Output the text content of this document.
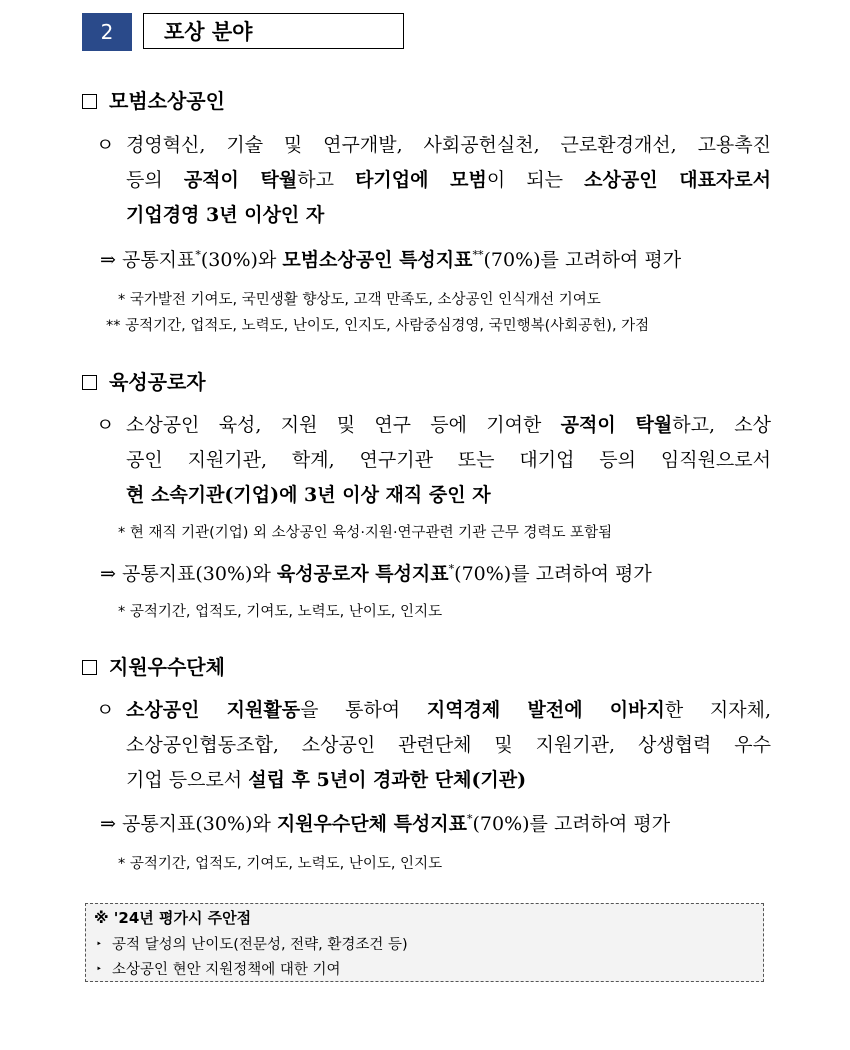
2	포상 분야
모범소상공인
ㅇ 경영혁신, 기술 및 연구개발, 사회공헌실천, 근로환경개선, 고용촉진
등의 공적이 탁월하고 타기업에 모범이 되는 소상공인 대표자로서
기업경영 3년 이상인 자
⇒ 공통지표*(30%)와 모범소상공인 특성지표**(70%)를 고려하여 평가
* 국가발전 기여도, 국민생활 향상도, 고객 만족도, 소상공인 인식개선 기여도
** 공적기간, 업적도, 노력도, 난이도, 인지도, 사람중심경영, 국민행복(사회공헌), 가점
육성공로자
ㅇ 소상공인 육성, 지원 및 연구 등에 기여한 공적이 탁월하고, 소상
공인 지원기관, 학계, 연구기관 또는 대기업 등의 임직원으로서
현 소속기관(기업)에 3년 이상 재직 중인 자
* 현 재직 기관(기업) 외 소상공인 육성·지원·연구관련 기관 근무 경력도 포함됨
⇒ 공통지표(30%)와 육성공로자 특성지표*(70%)를 고려하여 평가
* 공적기간, 업적도, 기여도, 노력도, 난이도, 인지도
지원우수단체
ㅇ 소상공인 지원활동을 통하여 지역경제 발전에 이바지한 지자체,
소상공인협동조합, 소상공인 관련단체 및 지원기관, 상생협력 우수
기업 등으로서 설립 후 5년이 경과한 단체(기관)
⇒ 공통지표(30%)와 지원우수단체 특성지표*(70%)를 고려하여 평가
* 공적기간, 업적도, 기여도, 노력도, 난이도, 인지도
※ '24년 평가시 주안점
‣ 공적 달성의 난이도(전문성, 전략, 환경조건 등)
‣ 소상공인 현안 지원정책에 대한 기여
